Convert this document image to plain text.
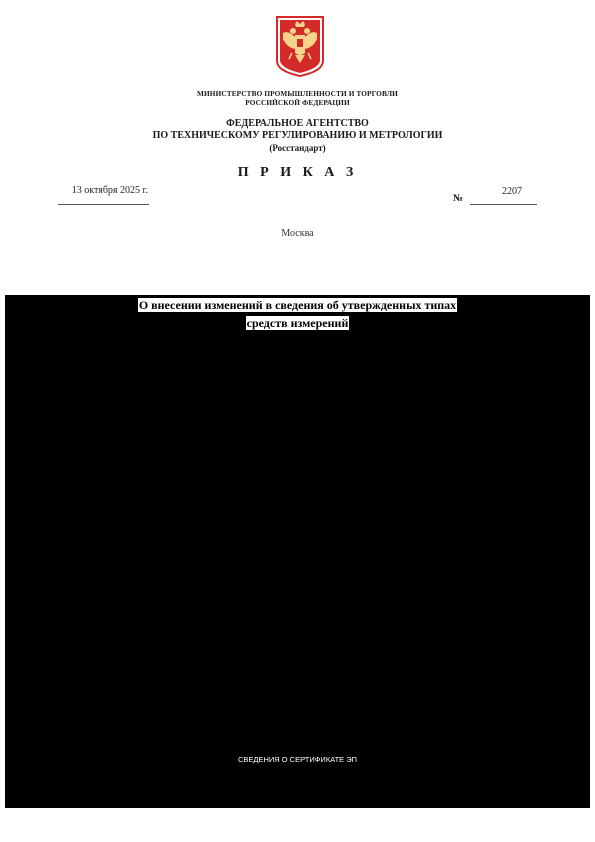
МИНИСТЕРСТВО ПРОМЫШЛЕННОСТИ И ТОРГОВЛИ
РОССИЙСКОЙ ФЕДЕРАЦИИ
ФЕДЕРАЛЬНОЕ АГЕНТСТВО
ПО ТЕХНИЧЕСКОМУ РЕГУЛИРОВАНИЮ И МЕТРОЛОГИИ
(Росстандарт)
П Р И К А З
13 октября 2025 г.
№
2207
Москва
О внесении изменений в сведения об утвержденных типах
средств измерений
СВЕДЕНИЯ О СЕРТИФИКАТЕ ЭП
